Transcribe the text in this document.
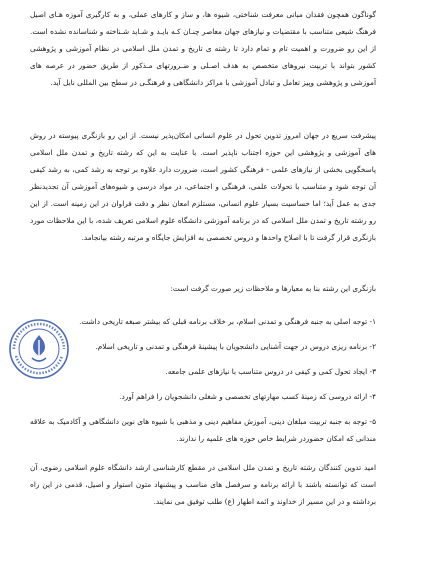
گوناگون همچون فقدان مبانی معرفت شناختی، شیوه ها، و ساز و کارهای عملی، و به کارگیری آموزه هـای اصیل فرهنگ شیعی متناسب با مقتضیات و نیازهای جهان معاصر چنـان کـه بایـد و شـاید شـناخته و شناسانده نشده است. از این رو ضرورت و اهمیت تام و تمام دارد تا رشته ی تاریخ و تمدن ملل اسلامی در نظام آموزشی و پژوهشی کشور بتواند با تربیت نیروهای متخصص به هدف اصـلی و ضـرورتهای مـذکور از طریق حضور در عرصه های آموزشی و پژوهشی وپیز تعامل و تبادل آموزشی با مراکز دانشگاهی و فرهنگـی در سطح بین المللی نایل آید.

پیشرفت سریع در جهان امروز تدوین تحول در علوم انسانی امکان‌پذیر نیست. از این رو بازنگری پیوسته در روش های آموزشی و پژوهشی این حوزه اجتناب ناپذیر است. با عنایت به این که رشته تاریخ و تمدن ملل اسلامی پاسخگویی بخشی از نیازهای علمی - فرهنگی کشور است، ضرورت دارد علاوه بر توجه به رشد کمی، به رشد کیفی آن توجه شود و متناسب با تحولات علمی، فرهنگی و اجتماعی، در مواد درسی و شیوه‌های آموزشی آن تجدیدنظر جدی به عمل آید؛ اما حساسیت بسیار علوم انسانی، مستلزم امعان نظر و دقت فراوان در این زمینه است. از این رو رشته تاریخ و تمدن ملل اسلامی که در برنامه آموزشی دانشگاه علوم اسلامی تعریف شده، با این ملاحظات مورد بازنگری قرار گرفت تا با اصلاح واحدها و دروس تخصصی به افزایش جایگاه و مرتبه رشته بیانجامد.

بازنگری این رشته بنا به معیارها و ملاحظات زیر صورت گرفت است:

۱- توجه اصلی به جنبه فرهنگی و تمدنی اسلام، بر خلاف برنامه قبلی که بیشتر صبغه تاریخی داشت.

۲- برنامه ریزی دروس در جهت آشنایی دانشجویان با پیشینۀ فرهنگی و تمدنی و تاریخی اسلام.

۳- ایجاد تحول کمی و کیفی در دروس متناسب با نیازهای علمی جامعه.

۴- ارائه دروسی که زمینۀ کسب مهارتهای تخصصی و شغلی دانشجویان را فراهم آورد.

۵- توجه به جنبه تربیت مبلغان دینی، آموزش مفاهیم دینی و مذهبی با شیوه های نوین دانشگاهی و آکادمیک به علاقه مندانی که امکان حضوردر شرایط خاص حوزه های علمیه را ندارند.

امید تدوین کنندگان رشته تاریخ و تمدن ملل اسلامی در مقطع کارشناسی ارشد دانشگاه علوم اسلامی رضوی، آن است که توانسته باشند با ارائه برنامه و سرفصل های مناسب و پیشنهاد متون استوار و اصیل، قدمی در این راه برداشته و در این مسیر از خداوند و ائمه اطهار (ع) طلب توفیق می نمایند.
